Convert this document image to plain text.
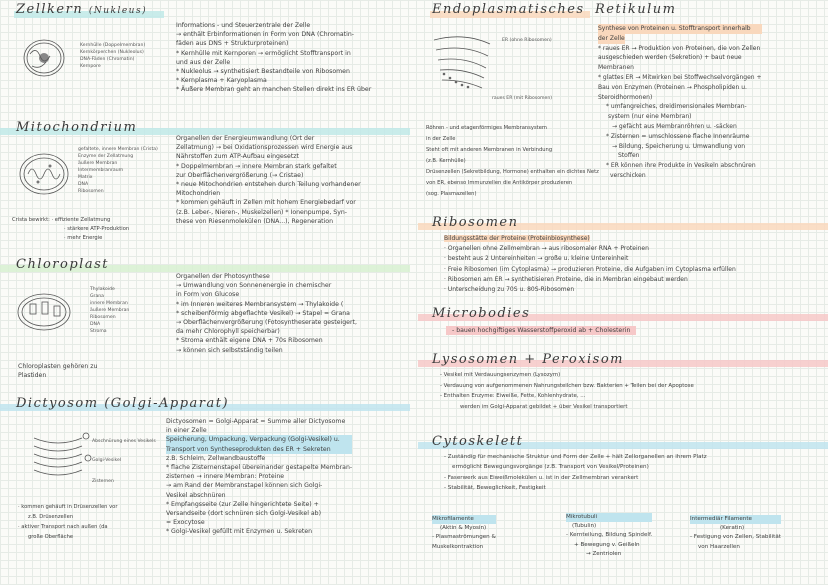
Zellkern (Nukleus)
Kernhülle (Doppelmembran)
Kernkörperchen (Nukleolus)
DNA-Fäden (Chromatin)
Kernpore
Informations - und Steuerzentrale der Zelle
→ enthält Erbinformationen in Form von DNA (Chromatin-
fäden aus DNS + Strukturproteinen)
* Kernhülle mit Kernporen → ermöglicht Stofftransport in
und aus der Zelle
* Nukleolus → synthetisiert Bestandteile von Ribosomen
* Kernplasma + Karyoplasma
* Äußere Membran geht an manchen Stellen direkt ins ER über
Mitochondrium
gefaltete, innere Membran (Crista)
Enzyme der Zellatmung
äußere Membran
Intermembranraum
Matrix
DNA
Ribosomen
Crista bewirkt: · effiziente Zellatmung
· stärkere ATP-Produktion
· mehr Energie
Organellen der Energieumwandlung (Ort der
Zellatmung) → bei Oxidationsprozessen wird Energie aus
Nährstoffen zum ATP-Aufbau eingesetzt
* Doppelmembran → innere Membran stark gefaltet
zur Oberflächenvergrößerung (→ Cristae)
* neue Mitochondrien entstehen durch Teilung vorhandener
Mitochondrien
* kommen gehäuft in Zellen mit hohem Energiebedarf vor
(z.B. Leber-, Nieren-, Muskelzellen) * Ionenpumpe, Syn-
these von Riesenmolekülen (DNA...), Regeneration
Chloroplast
Thylakoide
Grana
innere Membran
äußere Membran
Ribosomen
DNA
Stroma
Chloroplasten gehören zu
Plastiden
Organellen der Photosynthese
→ Umwandlung von Sonnenenergie in chemischer
in Form von Glucose
* im Inneren weiteres Membransystem → Thylakoide (
* scheibenförmig abgeflachte Vesikel) → Stapel = Grana
→ Oberflächenvergrößerung (Fotosyntheserate gesteigert,
da mehr Chlorophyll speicherbar)
* Stroma enthält eigene DNA + 70s Ribosomen
→ können sich selbstständig teilen
Dictyosom (Golgi-Apparat)
Abschnürung eines Vesikels
Golgi-Vesikel
Zisternen
· kommen gehäuft in Drüsenzellen vor
z.B. Drüsenzellen
· aktiver Transport nach außen (da
große Oberfläche
Dictyosomen = Golgi-Apparat = Summe aller Dictyosome
in einer Zelle
Speicherung, Umpackung, Verpackung (Golgi-Vesikel) u.
Transport von Syntheseprodukten des ER + Sekreten
z.B. Schleim, Zellwandbaustoffe
* flache Zisternenstapel übereinander gestapelte Membran-
zisternen → innere Membran: Proteine
→ am Rand der Membranstapel können sich Golgi-
Vesikel abschnüren
* Empfangsseite (zur Zelle hingerichtete Seite) +
Versandseite (dort schnüren sich Golgi-Vesikel ab)
= Exocytose
* Golgi-Vesikel gefüllt mit Enzymen u. Sekreten
Endoplasmatisches Retikulum
ER (ohne Ribosomen)
raues ER (mit Ribosomen)
Röhren - und etagenförmiges Membransystem
in der Zelle
Steht oft mit anderen Membranen in Verbindung
(z.B. Kernhülle)
Drüsenzellen (Sekretbildung, Hormone) enthalten ein dichtes Netz
von ER, ebenso Immunzellen die Antikörper produzieren
(sog. Plasmazellen)
Synthese von Proteinen u. Stofftransport innerhalb
der Zelle
* raues ER → Produktion von Proteinen, die von Zellen
ausgeschieden werden (Sekretion) + baut neue
Membranen
* glattes ER → Mitwirken bei Stoffwechselvorgängen +
Bau von Enzymen (Proteinen → Phospholipiden u.
Steroidhormonen)
* umfangreiches, dreidimensionales Membran-
system (nur eine Membran)
→ gefächt aus Membranröhren u. -säcken
* Zisternen = umschlossene flache Innenräume
→ Bildung, Speicherung u. Umwandlung von
Stoffen
* ER können ihre Produkte in Vesikeln abschnüren
verschicken
Ribosomen
Bildungsstätte der Proteine (Proteinbiosynthese)
· Organellen ohne Zellmembran → aus ribosomaler RNA + Proteinen
· besteht aus 2 Untereinheiten → große u. kleine Untereinheit
· Freie Ribosomen (im Cytoplasma) → produzieren Proteine, die Aufgaben im Cytoplasma erfüllen
· Ribosomen am ER → synthetisieren Proteine, die in Membran eingebaut werden
· Unterscheidung zu 70S u. 80S-Ribosomen
Microbodies
- bauen hochgiftiges Wasserstoffperoxid ab + Cholesterin
Lysosomen + Peroxisom
- Vesikel mit Verdauungsenzymen (Lysozym)
- Verdauung von aufgenommenen Nahrungsteilchen bzw. Bakterien + Teilen bei der Apoptose
- Enthalten Enzyme: Eiweiße, Fette, Kohlenhydrate, ...
werden im Golgi-Apparat gebildet + über Vesikel transportiert
Cytoskelett
- Zuständig für mechanische Struktur und Form der Zelle + hält Zellorganellen an ihrem Platz
ermöglicht Bewegungsvorgänge (z.B. Transport von Vesikel/Proteinen)
- Faserwerk aus Eiweißmolekülen u. ist in der Zellmembran verankert
- Stabilität, Beweglichkeit, Festigkeit
Mikrofilamente
(Aktin & Myosin)
- Plasmaströmungen &
Muskelkontraktion
Mikrotubuli
(Tubulin)
- Kernteilung, Bildung Spindelf.
+ Bewegung v. Geißeln
→ Zentriolen
Intermediär Filamente
(Keratin)
- Festigung von Zellen, Stabilität
von Haarzellen
